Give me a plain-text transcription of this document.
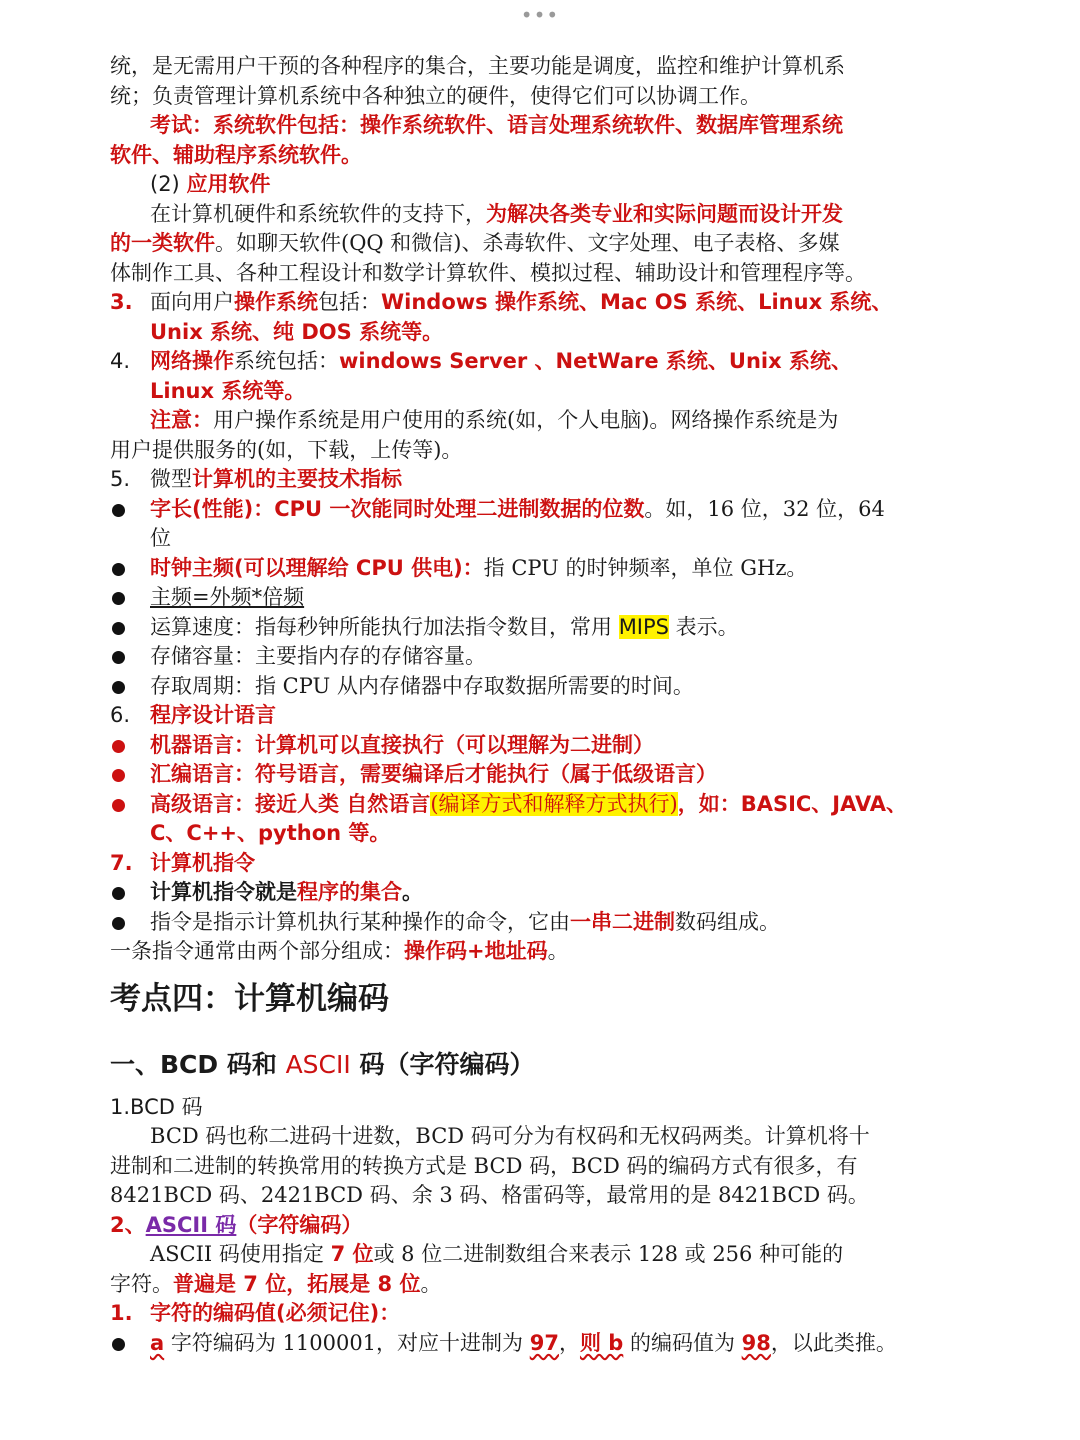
•••
统，是无需用户干预的各种程序的集合，主要功能是调度，监控和维护计算机系
统；负责管理计算机系统中各种独立的硬件，使得它们可以协调工作。
考试：系统软件包括：操作系统软件、语言处理系统软件、数据库管理系统
软件、辅助程序系统软件。
(2) 应用软件
在计算机硬件和系统软件的支持下，为解决各类专业和实际问题而设计开发
的一类软件。如聊天软件(QQ 和微信)、杀毒软件、文字处理、电子表格、多媒
体制作工具、各种工程设计和数学计算软件、模拟过程、辅助设计和管理程序等。
3. 面向用户操作系统包括：Windows 操作系统、Mac OS 系统、Linux 系统、Unix 系统、纯 DOS 系统等。
4. 网络操作系统包括：windows Server 、NetWare 系统、Unix 系统、Linux 系统等。
注意：用户操作系统是用户使用的系统(如，个人电脑)。网络操作系统是为
用户提供服务的(如，下载，上传等)。
5. 微型计算机的主要技术指标
字长(性能)：CPU 一次能同时处理二进制数据的位数。如，16 位，32 位，64 位
时钟主频(可以理解给 CPU 供电)：指 CPU 的时钟频率，单位 GHz。
主频=外频*倍频
运算速度：指每秒钟所能执行加法指令数目，常用 MIPS 表示。
存储容量：主要指内存的存储容量。
存取周期：指 CPU 从内存储器中存取数据所需要的时间。
6. 程序设计语言
机器语言：计算机可以直接执行（可以理解为二进制）
汇编语言：符号语言，需要编译后才能执行（属于低级语言）
高级语言：接近人类 自然语言(编译方式和解释方式执行)，如：BASIC、JAVA、C、C++、python 等。
7. 计算机指令
计算机指令就是程序的集合。
指令是指示计算机执行某种操作的命令，它由一串二进制数码组成。
一条指令通常由两个部分组成：操作码+地址码。
考点四：计算机编码
一、BCD 码和 ASCII 码（字符编码）
1.BCD 码
BCD 码也称二进码十进数，BCD 码可分为有权码和无权码两类。计算机将十
进制和二进制的转换常用的转换方式是 BCD 码，BCD 码的编码方式有很多，有
8421BCD 码、2421BCD 码、余 3 码、格雷码等，最常用的是 8421BCD 码。
2、ASCII 码（字符编码）
ASCII 码使用指定 7 位或 8 位二进制数组合来表示 128 或 256 种可能的
字符。普遍是 7 位，拓展是 8 位。
1. 字符的编码值(必须记住)：
a 字符编码为 1100001，对应十进制为 97，则 b 的编码值为 98，以此类推。
